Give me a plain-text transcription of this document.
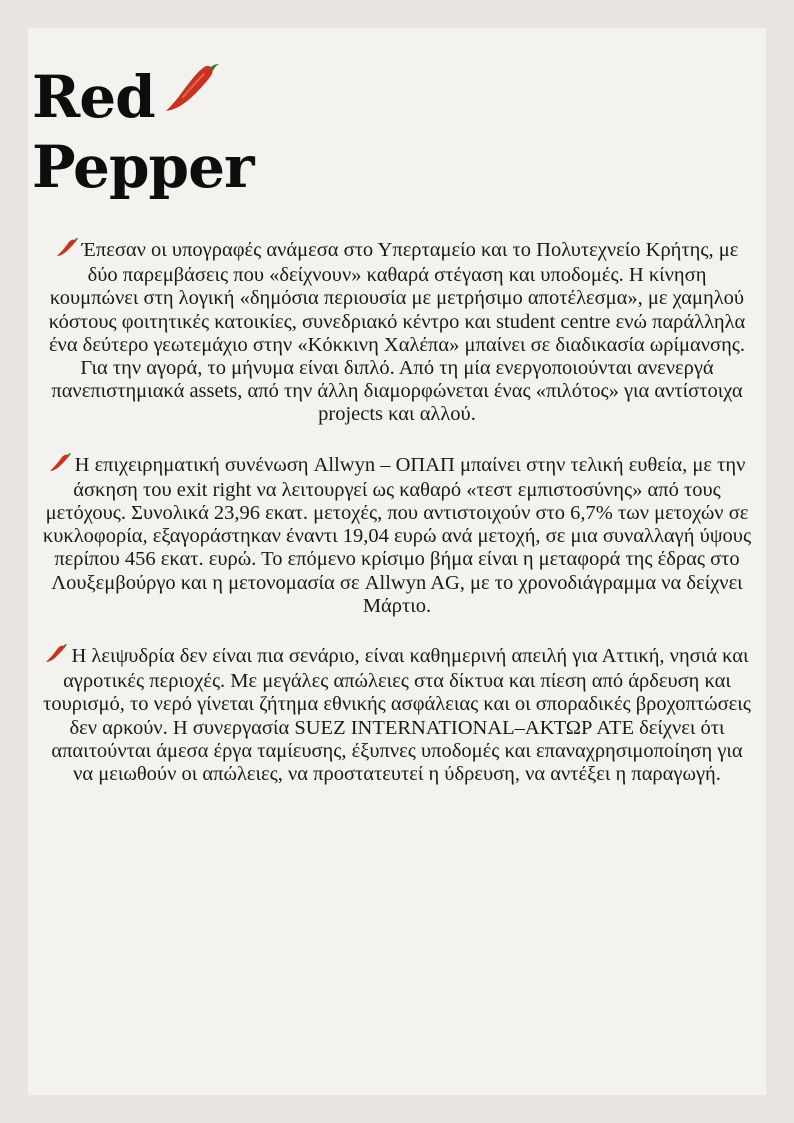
Red
Pepper

Έπεσαν οι υπογραφές ανάμεσα στο Υπερταμείο και το Πολυτεχνείο Κρήτης, με δύο παρεμβάσεις που «δείχνουν» καθαρά στέγαση και υποδομές. Η κίνηση κουμπώνει στη λογική «δημόσια περιουσία με μετρήσιμο αποτέλεσμα», με χαμηλού κόστους φοιτητικές κατοικίες, συνεδριακό κέντρο και student centre ενώ παράλληλα ένα δεύτερο γεωτεμάχιο στην «Κόκκινη Χαλέπα» μπαίνει σε διαδικασία ωρίμανσης. Για την αγορά, το μήνυμα είναι διπλό. Από τη μία ενεργοποιούνται ανενεργά πανεπιστημιακά assets, από την άλλη διαμορφώνεται ένας «πιλότος» για αντίστοιχα projects και αλλού.

Η επιχειρηματική συνένωση Allwyn – ΟΠΑΠ μπαίνει στην τελική ευθεία, με την άσκηση του exit right να λειτουργεί ως καθαρό «τεστ εμπιστοσύνης» από τους μετόχους. Συνολικά 23,96 εκατ. μετοχές, που αντιστοιχούν στο 6,7% των μετοχών σε κυκλοφορία, εξαγοράστηκαν έναντι 19,04 ευρώ ανά μετοχή, σε μια συναλλαγή ύψους περίπου 456 εκατ. ευρώ. Το επόμενο κρίσιμο βήμα είναι η μεταφορά της έδρας στο Λουξεμβούργο και η μετονομασία σε Allwyn AG, με το χρονοδιάγραμμα να δείχνει Μάρτιο.

Η λειψυδρία δεν είναι πια σενάριο, είναι καθημερινή απειλή για Αττική, νησιά και αγροτικές περιοχές. Με μεγάλες απώλειες στα δίκτυα και πίεση από άρδευση και τουρισμό, το νερό γίνεται ζήτημα εθνικής ασφάλειας και οι σποραδικές βροχοπτώσεις δεν αρκούν. Η συνεργασία SUEZ INTERNATIONAL–ΑΚΤΩΡ ΑΤΕ δείχνει ότι απαιτούνται άμεσα έργα ταμίευσης, έξυπνες υποδομές και επαναχρησιμοποίηση για να μειωθούν οι απώλειες, να προστατευτεί η ύδρευση, να αντέξει η παραγωγή.
